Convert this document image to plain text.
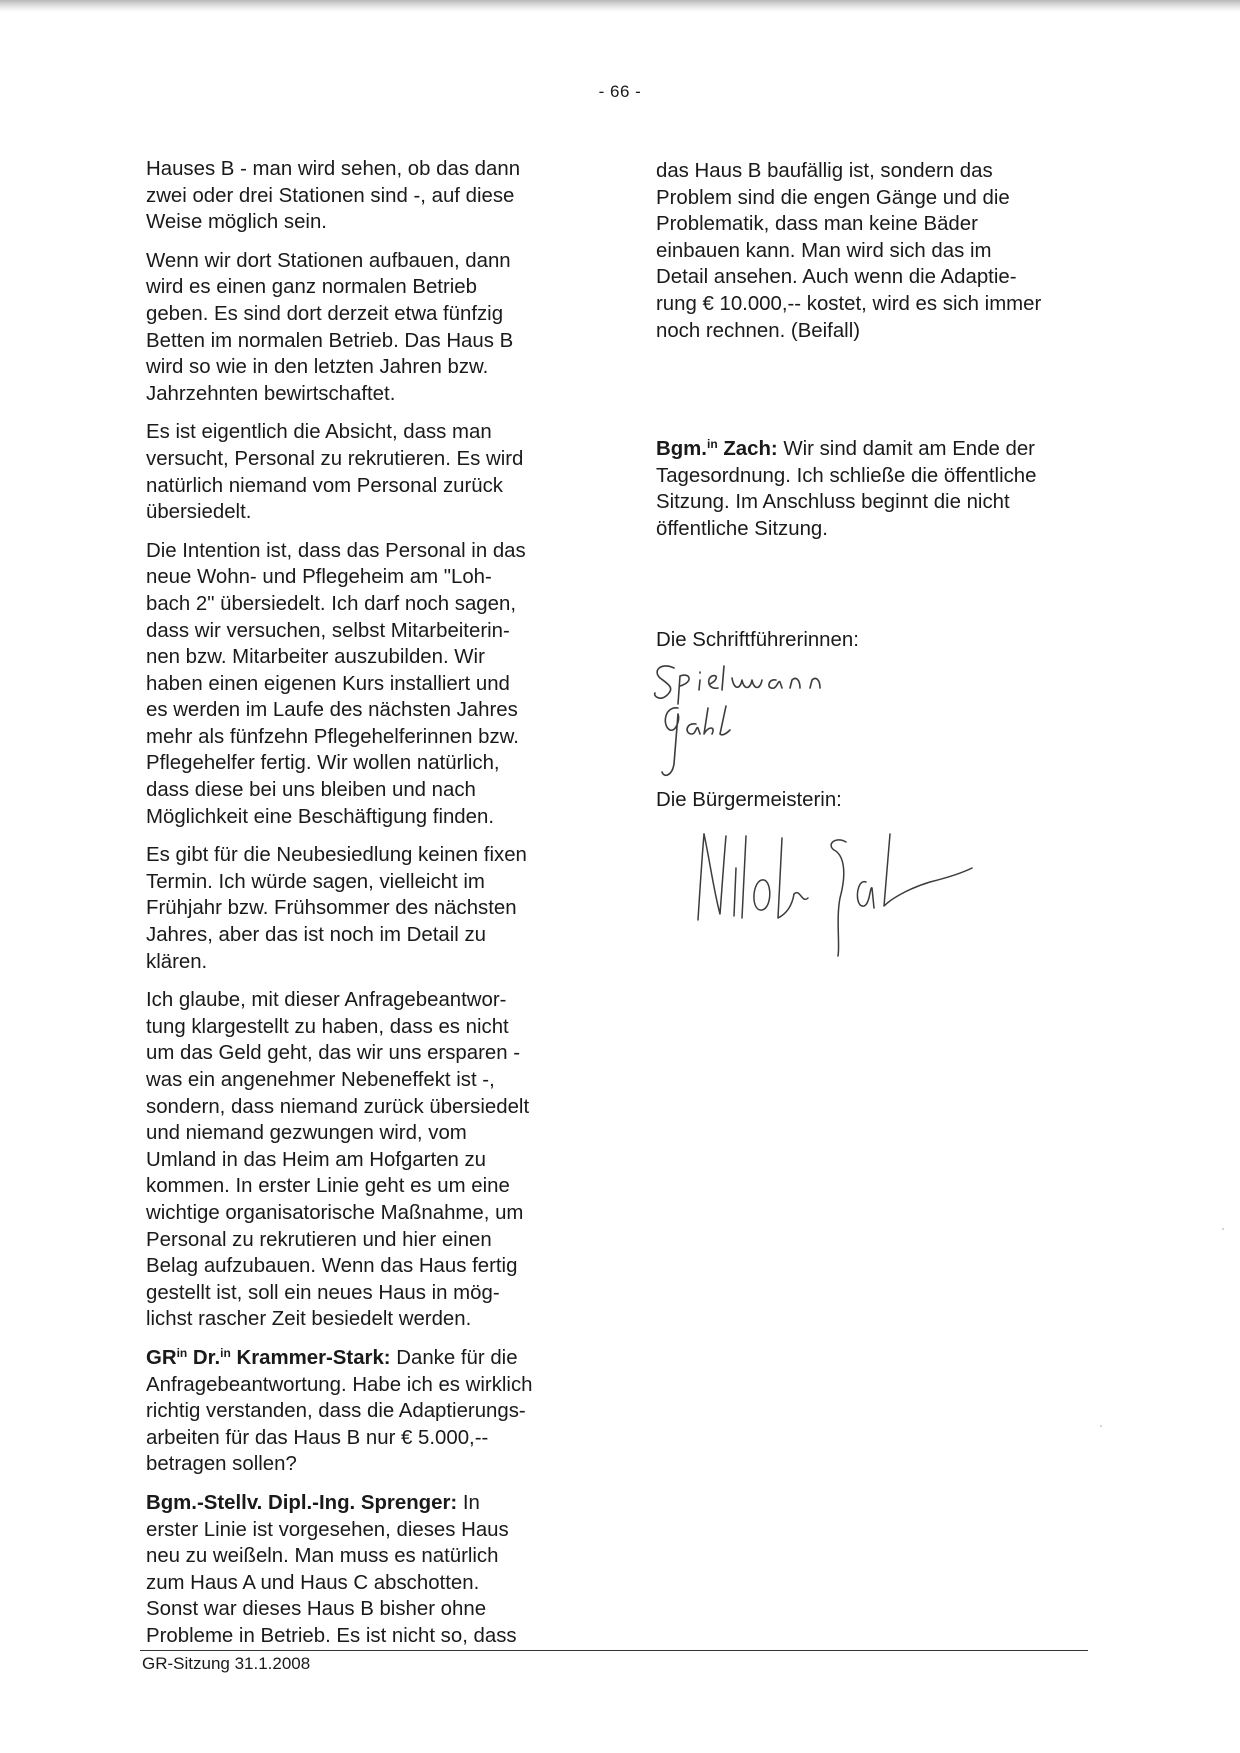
- 66 -

Hauses B - man wird sehen, ob das dann
zwei oder drei Stationen sind -, auf diese
Weise möglich sein.

Wenn wir dort Stationen aufbauen, dann
wird es einen ganz normalen Betrieb
geben. Es sind dort derzeit etwa fünfzig
Betten im normalen Betrieb. Das Haus B
wird so wie in den letzten Jahren bzw.
Jahrzehnten bewirtschaftet.

Es ist eigentlich die Absicht, dass man
versucht, Personal zu rekrutieren. Es wird
natürlich niemand vom Personal zurück
übersiedelt.

Die Intention ist, dass das Personal in das
neue Wohn- und Pflegeheim am "Loh-
bach 2" übersiedelt. Ich darf noch sagen,
dass wir versuchen, selbst Mitarbeiterin-
nen bzw. Mitarbeiter auszubilden. Wir
haben einen eigenen Kurs installiert und
es werden im Laufe des nächsten Jahres
mehr als fünfzehn Pflegehelferinnen bzw.
Pflegehelfer fertig. Wir wollen natürlich,
dass diese bei uns bleiben und nach
Möglichkeit eine Beschäftigung finden.

Es gibt für die Neubesiedlung keinen fixen
Termin. Ich würde sagen, vielleicht im
Frühjahr bzw. Frühsommer des nächsten
Jahres, aber das ist noch im Detail zu
klären.

Ich glaube, mit dieser Anfragebeantwor-
tung klargestellt zu haben, dass es nicht
um das Geld geht, das wir uns ersparen -
was ein angenehmer Nebeneffekt ist -,
sondern, dass niemand zurück übersiedelt
und niemand gezwungen wird, vom
Umland in das Heim am Hofgarten zu
kommen. In erster Linie geht es um eine
wichtige organisatorische Maßnahme, um
Personal zu rekrutieren und hier einen
Belag aufzubauen. Wenn das Haus fertig
gestellt ist, soll ein neues Haus in mög-
lichst rascher Zeit besiedelt werden.

$GR^{in}$ Dr.$^{in}$ Krammer-Stark: Danke für die
Anfragebeantwortung. Habe ich es wirklich
richtig verstanden, dass die Adaptierungs-
arbeiten für das Haus B nur € 5.000,--
betragen sollen?

Bgm.-Stellv. Dipl.-Ing. Sprenger: In
erster Linie ist vorgesehen, dieses Haus
neu zu weißeln. Man muss es natürlich
zum Haus A und Haus C abschotten.
Sonst war dieses Haus B bisher ohne
Probleme in Betrieb. Es ist nicht so, dass

das Haus B baufällig ist, sondern das
Problem sind die engen Gänge und die
Problematik, dass man keine Bäder
einbauen kann. Man wird sich das im
Detail ansehen. Auch wenn die Adaptie-
rung € 10.000,-- kostet, wird es sich immer
noch rechnen. (Beifall)

Bgm.$^{in}$ Zach: Wir sind damit am Ende der
Tagesordnung. Ich schließe die öffentliche
Sitzung. Im Anschluss beginnt die nicht
öffentliche Sitzung.

Die Schriftführerinnen:
Die Bürgermeisterin:
GR-Sitzung 31.1.2008
